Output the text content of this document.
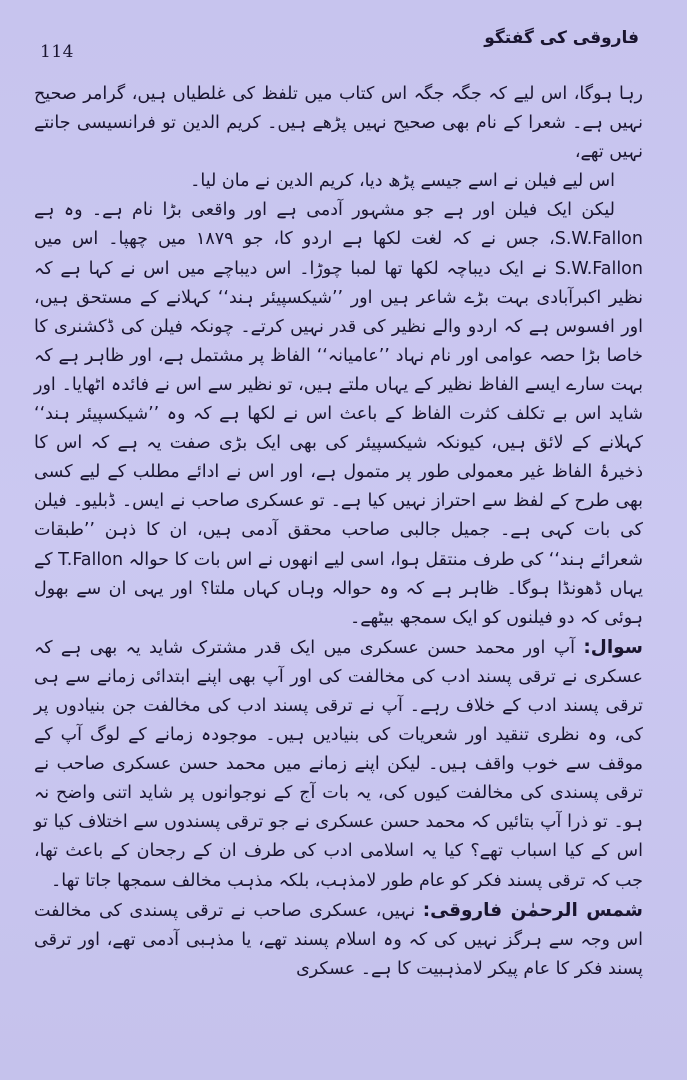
114
فاروقی کی گفتگو

رہا ہوگا، اس لیے کہ جگہ جگہ اس کتاب میں تلفظ کی غلطیاں ہیں، گرامر صحیح نہیں ہے۔ شعرا کے نام بھی صحیح نہیں پڑھے ہیں۔ کریم الدین تو فرانسیسی جانتے نہیں تھے،

اس لیے فیلن نے اسے جیسے پڑھ دیا، کریم الدین نے مان لیا۔

لیکن ایک فیلن اور ہے جو مشہور آدمی ہے اور واقعی بڑا نام ہے۔ وہ ہے S.W.Fallon، جس نے کہ لغت لکھا ہے اردو کا، جو ۱۸۷۹ میں چھپا۔ اس میں S.W.Fallon نے ایک دیباچہ لکھا تھا لمبا چوڑا۔ اس دیباچے میں اس نے کہا ہے کہ نظیر اکبرآبادی بہت بڑے شاعر ہیں اور ’’شیکسپیئر ہند‘‘ کہلانے کے مستحق ہیں، اور افسوس ہے کہ اردو والے نظیر کی قدر نہیں کرتے۔ چونکہ فیلن کی ڈکشنری کا خاصا بڑا حصہ عوامی اور نام نہاد ’’عامیانہ‘‘ الفاظ پر مشتمل ہے، اور ظاہر ہے کہ بہت سارے ایسے الفاظ نظیر کے یہاں ملتے ہیں، تو نظیر سے اس نے فائدہ اٹھایا۔ اور شاید اس بے تکلف کثرت الفاظ کے باعث اس نے لکھا ہے کہ وہ ’’شیکسپیئر ہند‘‘ کہلانے کے لائق ہیں، کیونکہ شیکسپیئر کی بھی ایک بڑی صفت یہ ہے کہ اس کا ذخیرۂ الفاظ غیر معمولی طور پر متمول ہے، اور اس نے ادائے مطلب کے لیے کسی بھی طرح کے لفظ سے احتراز نہیں کیا ہے۔ تو عسکری صاحب نے ایس۔ ڈبلیو۔ فیلن کی بات کہی ہے۔ جمیل جالبی صاحب محقق آدمی ہیں، ان کا ذہن ’’طبقات شعرائے ہند‘‘ کی طرف منتقل ہوا، اسی لیے انھوں نے اس بات کا حوالہ T.Fallon کے یہاں ڈھونڈا ہوگا۔ ظاہر ہے کہ وہ حوالہ وہاں کہاں ملتا؟ اور یہی ان سے بھول ہوئی کہ دو فیلنوں کو ایک سمجھ بیٹھے۔

سوال: آپ اور محمد حسن عسکری میں ایک قدر مشترک شاید یہ بھی ہے کہ عسکری نے ترقی پسند ادب کی مخالفت کی اور آپ بھی اپنے ابتدائی زمانے سے ہی ترقی پسند ادب کے خلاف رہے۔ آپ نے ترقی پسند ادب کی مخالفت جن بنیادوں پر کی، وہ نظری تنقید اور شعریات کی بنیادیں ہیں۔ موجودہ زمانے کے لوگ آپ کے موقف سے خوب واقف ہیں۔ لیکن اپنے زمانے میں محمد حسن عسکری صاحب نے ترقی پسندی کی مخالفت کیوں کی، یہ بات آج کے نوجوانوں پر شاید اتنی واضح نہ ہو۔ تو ذرا آپ بتائیں کہ محمد حسن عسکری نے جو ترقی پسندوں سے اختلاف کیا تو اس کے کیا اسباب تھے؟ کیا یہ اسلامی ادب کی طرف ان کے رجحان کے باعث تھا، جب کہ ترقی پسند فکر کو عام طور لامذہب، بلکہ مذہب مخالف سمجھا جاتا تھا۔

شمس الرحمٰن فاروقی: نہیں، عسکری صاحب نے ترقی پسندی کی مخالفت اس وجہ سے ہرگز نہیں کی کہ وہ اسلام پسند تھے، یا مذہبی آدمی تھے، اور ترقی پسند فکر کا عام پیکر لامذہبیت کا ہے۔ عسکری
